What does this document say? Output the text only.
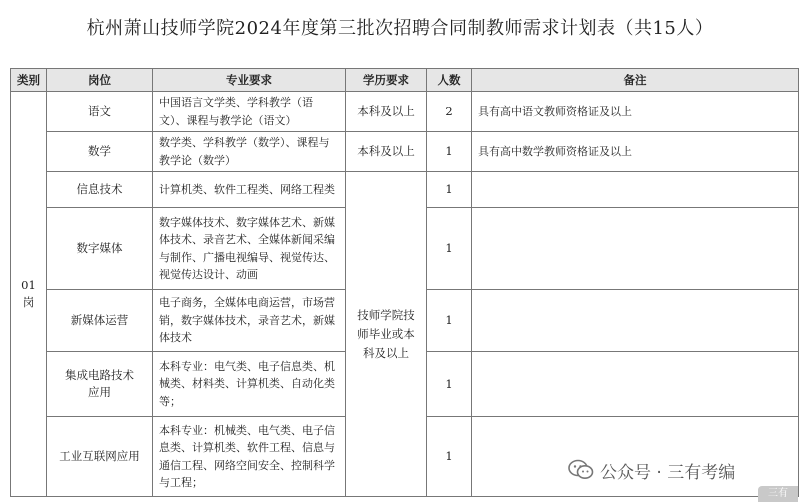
杭州萧山技师学院2024年度第三批次招聘合同制教师需求计划表（共15人）
类别	岗位	专业要求	学历要求	人数	备注
01岗	语文	中国语言文学类、学科教学（语文）、课程与教学论（语文）	本科及以上	2	具有高中语文教师资格证及以上
	数学	数学类、学科教学（数学）、课程与教学论（数学）	本科及以上	1	具有高中数学教师资格证及以上
	信息技术	计算机类、软件工程类、网络工程类	技师学院技师毕业或本科及以上	1	
	数字媒体	数字媒体技术、数字媒体艺术、新媒体技术、录音艺术、全媒体新闻采编与制作、广播电视编导、视觉传达、视觉传达设计、动画		1	
	新媒体运营	电子商务，全媒体电商运营，市场营销，数字媒体技术，录音艺术，新媒体技术		1	
	集成电路技术应用	本科专业：电气类、电子信息类、机械类、材料类、计算机类、自动化类等；		1	
	工业互联网应用	本科专业：机械类、电气类、电子信息类、计算机类、软件工程、信息与通信工程、网络空间安全、控制科学与工程；		1	
公众号 · 三有考编
三有
